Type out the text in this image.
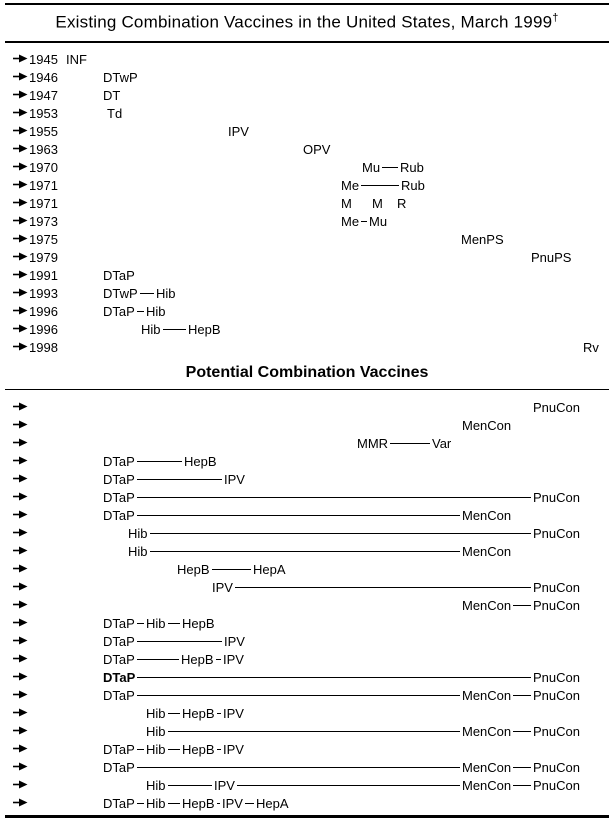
Existing Combination Vaccines in the United States, March 1999†
1945 INF
1946	DTwP
1947	DT
1953	Td
1955	IPV
1963	OPV
1970	Mu Rub
1971	Me	Rub
1971	M M R
1973	Me Mu
1975	MenPS
1979	PnuPS
1991	DTaP
1993	DTwP Hib
1996	DTaP Hib
1996	Hib HepB
1998	Rv
Potential Combination Vaccines
PnuCon
MenCon
MMR	Var
DTaP	HepB
DTaP	IPV
DTaP	PnuCon
DTaP	MenCon
Hib	PnuCon
Hib	MenCon
HepB	HepA
IPV	PnuCon
MenCon PnuCon
DTaP Hib HepB
DTaP	IPV
DTaP	HepB IPV
DTaP	PnuCon
DTaP	MenCon PnuCon
Hib HepB IPV
Hib	MenCon PnuCon
DTaP Hib HepB IPV
DTaP	MenCon PnuCon
Hib	IPV	MenCon PnuCon
DTaP Hib HepB IPV HepA
